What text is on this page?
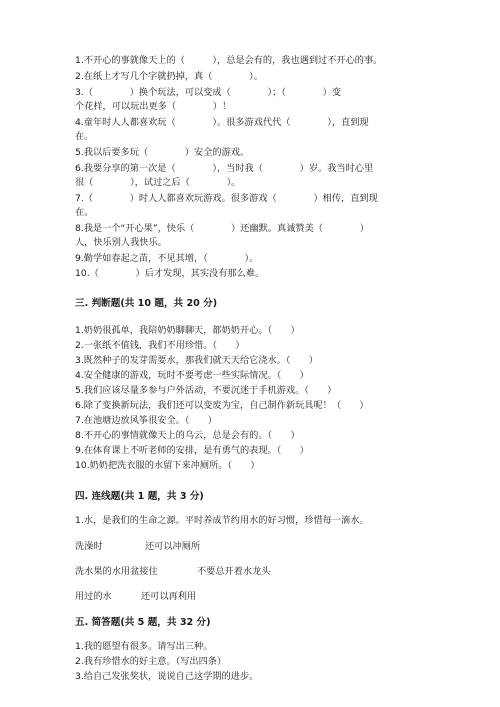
1.不开心的事就像天上的（　　　），总是会有的，我也遇到过不开心的事。
2.在纸上才写几个字就扔掉，真（　　　　）。
3.（　　　　）换个玩法，可以变成（　　　　）；（　　　　）变
个花样，可以玩出更多（　　　　）！
4.童年时人人都喜欢玩（　　　　）。很多游戏代代（　　　　），直到现
在。
5.我以后要多玩（　　　　）安全的游戏。
6.我要分享的第一次是（　　　　），当时我（　　　　）岁。我当时心里
很（　　　　），试过之后（　　　　）。
7.（　　　　）时人人都喜欢玩游戏。很多游戏（　　　　）相传，直到现
在。
8.我是一个“开心果”，快乐（　　　　）还幽默。真诚赞美（　　　　）
人，快乐别人我快乐。
9.勤学如春起之苗，不见其增，（　　　　）。
10.（　　　　）后才发现，其实没有那么难。
三. 判断题(共 10 题，共 20 分)
1.奶奶很孤单，我陪奶奶聊聊天，都奶奶开心。（　　）
2.一张纸不值钱，我们不用珍惜。（　　）
3.既然种子的发芽需要水，那我们就天天给它浇水。（　　）
4.安全健康的游戏，玩时不要考虑一些实际情况。（　　）
5.我们应该尽量多参与户外活动，不要沉迷于手机游戏。（　　）
6.除了变换新玩法，我们还可以变废为宝，自己制作新玩具呢！（　　）
7.在池塘边放风筝很安全。（　　）
8.不开心的事情就像天上的乌云，总是会有的。（　　）
9.在体育课上不听老师的安排，是有勇气的表现。（　　）
10.奶奶把洗衣服的水留下来冲厕所。（　　）
四. 连线题(共 1 题，共 3 分)
1.水，是我们的生命之源。平时养成节约用水的好习惯，珍惜每一滴水。
洗澡时	还可以冲厕所
洗水果的水用盆接住	不要总开着水龙头
用过的水	还可以再利用
五. 简答题(共 5 题，共 32 分)
1.我的愿望有很多。请写出三种。
2.我有珍惜水的好主意。（写出四条）
3.给自己发张奖状，说说自己这学期的进步。
